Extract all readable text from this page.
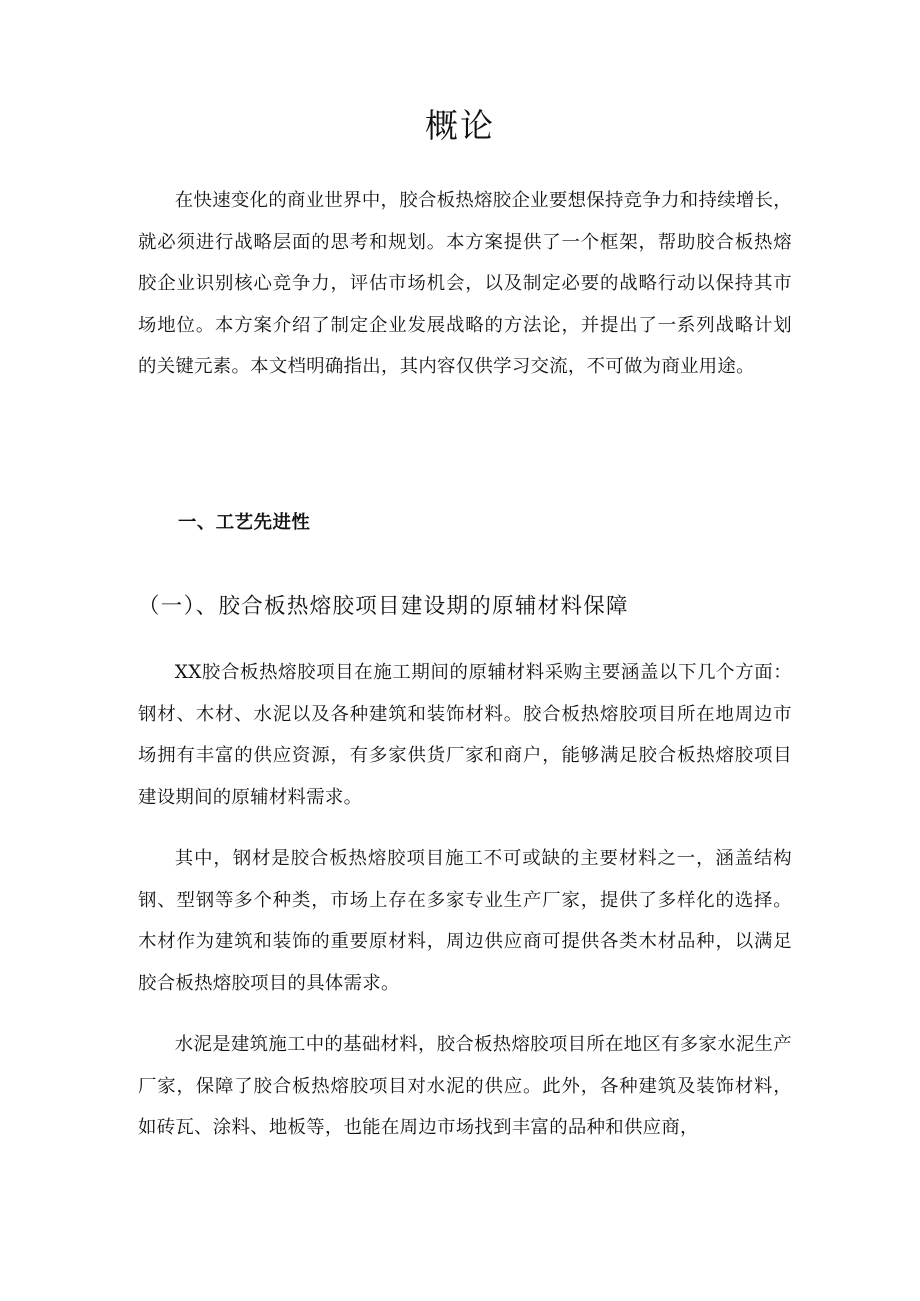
概论

在快速变化的商业世界中，胶合板热熔胶企业要想保持竞争力和持续增长，就必须进行战略层面的思考和规划。本方案提供了一个框架，帮助胶合板热熔胶企业识别核心竞争力，评估市场机会，以及制定必要的战略行动以保持其市场地位。本方案介绍了制定企业发展战略的方法论，并提出了一系列战略计划的关键元素。本文档明确指出，其内容仅供学习交流，不可做为商业用途。

一、工艺先进性
（一）、胶合板热熔胶项目建设期的原辅材料保障

XX胶合板热熔胶项目在施工期间的原辅材料采购主要涵盖以下几个方面：钢材、木材、水泥以及各种建筑和装饰材料。胶合板热熔胶项目所在地周边市场拥有丰富的供应资源，有多家供货厂家和商户，能够满足胶合板热熔胶项目建设期间的原辅材料需求。

其中，钢材是胶合板热熔胶项目施工不可或缺的主要材料之一，涵盖结构钢、型钢等多个种类，市场上存在多家专业生产厂家，提供了多样化的选择。木材作为建筑和装饰的重要原材料，周边供应商可提供各类木材品种，以满足胶合板热熔胶项目的具体需求。

水泥是建筑施工中的基础材料，胶合板热熔胶项目所在地区有多家水泥生产厂家，保障了胶合板热熔胶项目对水泥的供应。此外，各种建筑及装饰材料，如砖瓦、涂料、地板等，也能在周边市场找到丰富的品种和供应商，
